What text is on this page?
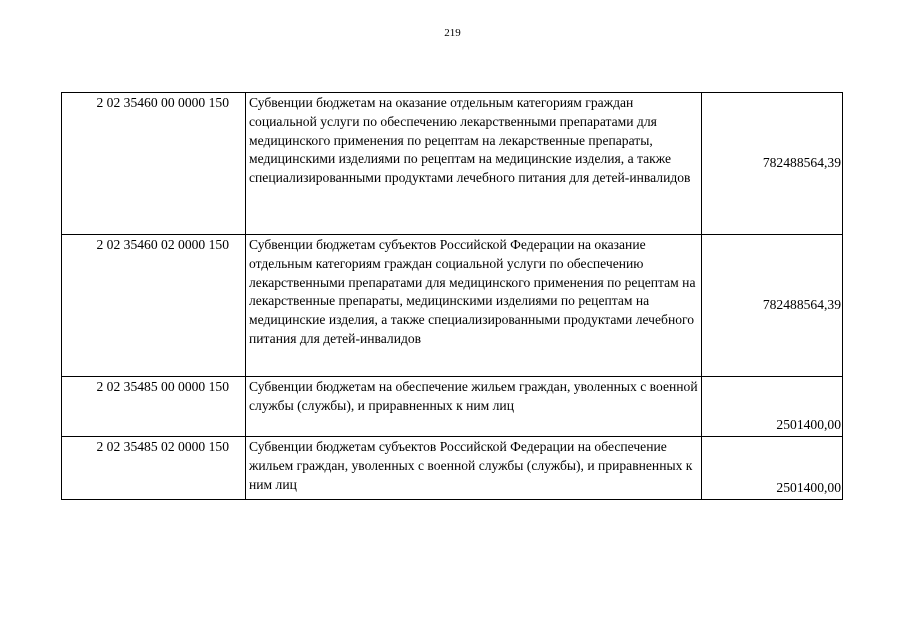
219
2 02 35460 00 0000 150	Субвенции бюджетам на оказание отдельным категориям граждан социальной услуги по обеспечению лекарственными препаратами для медицинского применения по рецептам на лекарственные препараты, медицинскими изделиями по рецептам на медицинские изделия, а также специализированными продуктами лечебного питания для детей-инвалидов	782488564,39
2 02 35460 02 0000 150	Субвенции бюджетам субъектов Российской Федерации на оказание отдельным категориям граждан социальной услуги по обеспечению лекарственными препаратами для медицинского применения по рецептам на лекарственные препараты, медицинскими изделиями по рецептам на медицинские изделия, а также специализированными продуктами лечебного питания для детей-инвалидов	782488564,39
2 02 35485 00 0000 150	Субвенции бюджетам на обеспечение жильем граждан, уволенных с военной службы (службы), и приравненных к ним лиц	2501400,00
2 02 35485 02 0000 150	Субвенции бюджетам субъектов Российской Федерации на обеспечение жильем граждан, уволенных с военной службы (службы), и приравненных к ним лиц	2501400,00
